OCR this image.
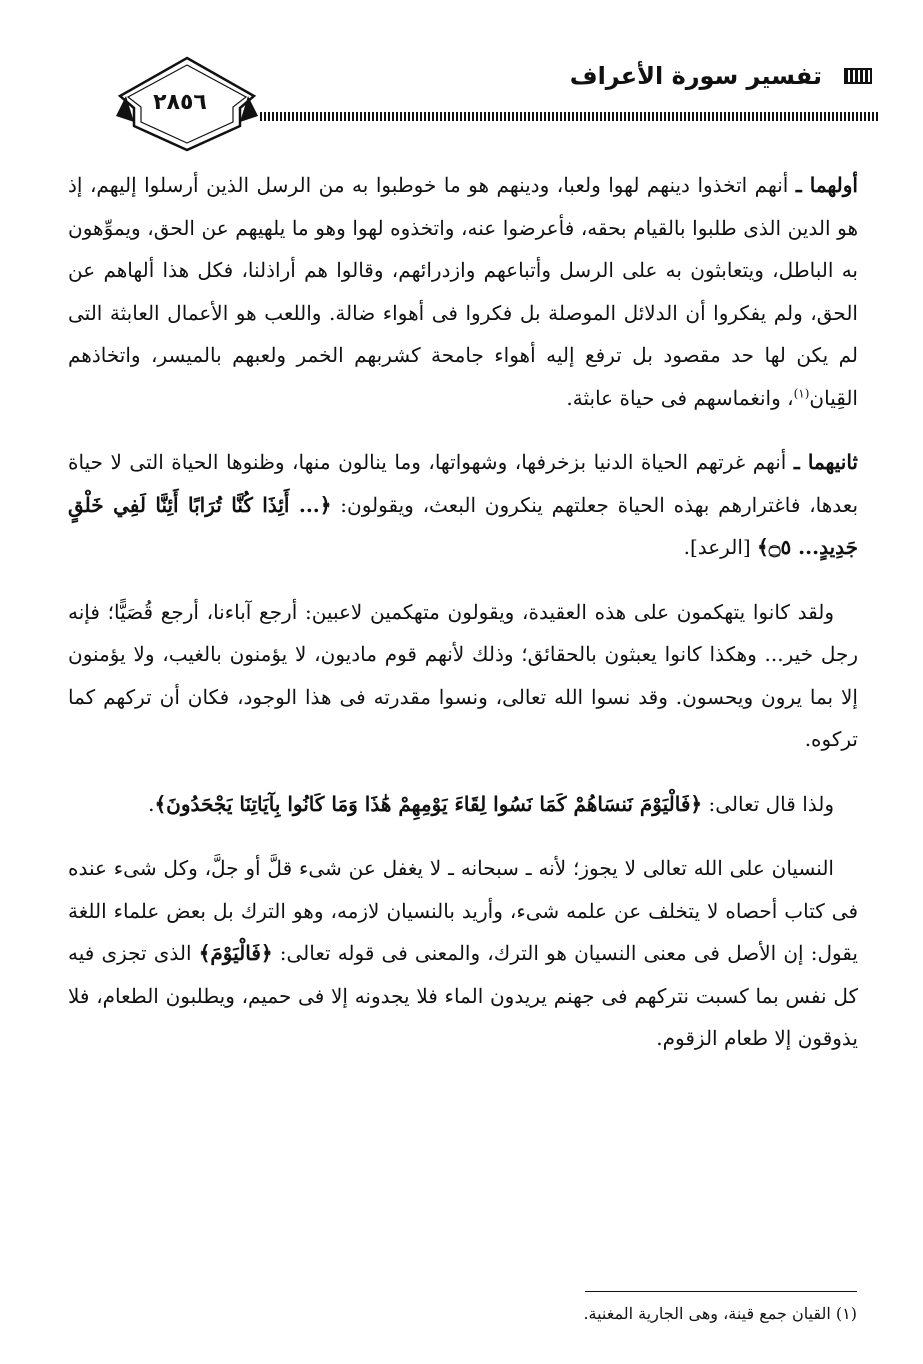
٢٨٥٦
تفسير سورة الأعراف

أولهما ـ أنهم اتخذوا دينهم لهوا ولعبا، ودينهم هو ما خوطبوا به من الرسل الذين أرسلوا إليهم، إذ هو الدين الذى طلبوا بالقيام بحقه، فأعرضوا عنه، واتخذوه لهوا وهو ما يلهيهم عن الحق، ويموِّهون به الباطل، ويتعابثون به على الرسل وأتباعهم وازدرائهم، وقالوا هم أراذلنا، فكل هذا ألهاهم عن الحق، ولم يفكروا أن الدلائل الموصلة بل فكروا فى أهواء ضالة. واللعب هو الأعمال العابثة التى لم يكن لها حد مقصود بل ترفع إليه أهواء جامحة كشربهم الخمر ولعبهم بالميسر، واتخاذهم القِيان$^{(١)}$، وانغماسهم فى حياة عابثة.

ثانيهما ـ أنهم غرتهم الحياة الدنيا بزخرفها، وشهواتها، وما ينالون منها، وظنوها الحياة التى لا حياة بعدها، فاغترارهم بهذه الحياة جعلتهم ينكرون البعث، ويقولون: ﴿... أَئِذَا كُنَّا تُرَابًا أَئِنَّا لَفِي خَلْقٍ جَدِيدٍ... ۝٥﴾ [الرعد].

ولقد كانوا يتهكمون على هذه العقيدة، ويقولون متهكمين لاعبين: أرجع آباءنا، أرجع قُصَيًّا؛ فإنه رجل خير... وهكذا كانوا يعبثون بالحقائق؛ وذلك لأنهم قوم ماديون، لا يؤمنون بالغيب، ولا يؤمنون إلا بما يرون ويحسون. وقد نسوا الله تعالى، ونسوا مقدرته فى هذا الوجود، فكان أن تركهم كما تركوه.

ولذا قال تعالى: ﴿فَالْيَوْمَ نَنسَاهُمْ كَمَا نَسُوا لِقَاءَ يَوْمِهِمْ هَٰذَا وَمَا كَانُوا بِآيَاتِنَا يَجْحَدُونَ﴾.

النسيان على الله تعالى لا يجوز؛ لأنه ـ سبحانه ـ لا يغفل عن شىء قلَّ أو جلَّ، وكل شىء عنده فى كتاب أحصاه لا يتخلف عن علمه شىء، وأريد بالنسيان لازمه، وهو الترك بل بعض علماء اللغة يقول: إن الأصل فى معنى النسيان هو الترك، والمعنى فى قوله تعالى: ﴿فَالْيَوْمَ﴾ الذى تجزى فيه كل نفس بما كسبت نتركهم فى جهنم يريدون الماء فلا يجدونه إلا فى حميم، ويطلبون الطعام، فلا يذوقون إلا طعام الزقوم.

(١) القيان جمع قينة، وهى الجارية المغنية.
